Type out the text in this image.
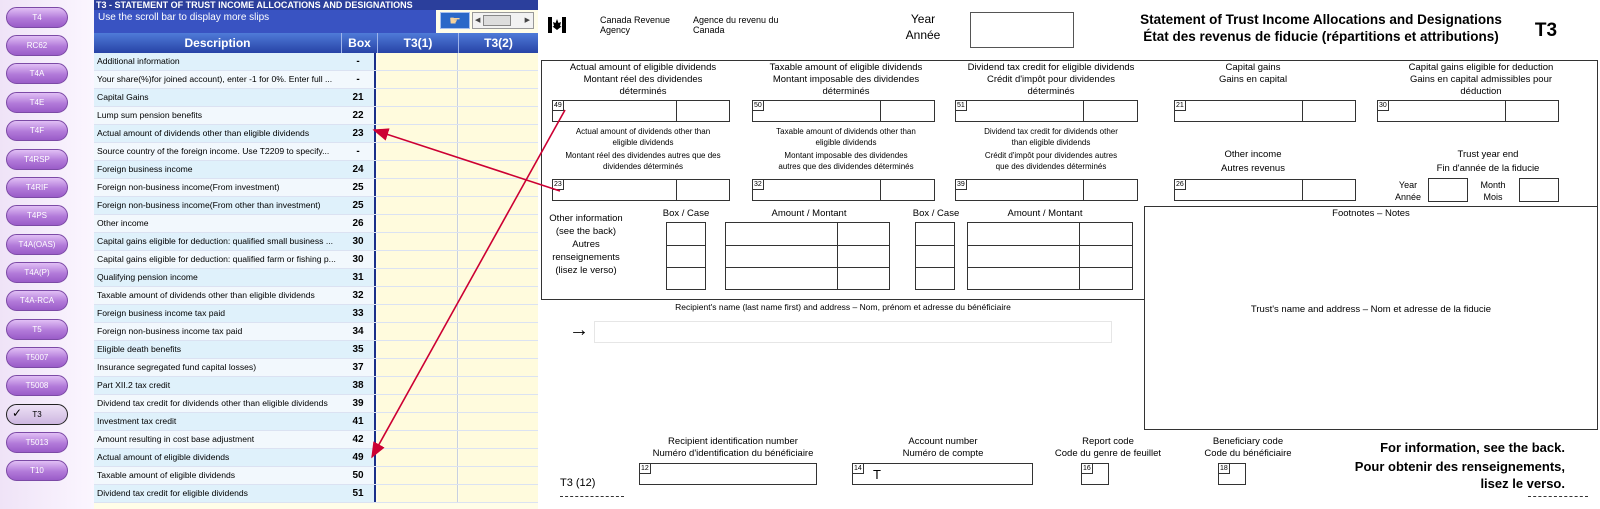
T4
RC62
T4A
T4E
T4F
T4RSP
T4RIF
T4PS
T4A(OAS)
T4A(P)
T4A-RCA
T5
T5007
T5008
✓ T3
T5013
T10
T3 - STATEMENT OF TRUST INCOME ALLOCATIONS AND DESIGNATIONS
Use the scroll bar to display more slips	☛	◀	▶
Description	Box	T3(1)	T3(2)
Additional information	-
Your share(%)for joined account), enter -1 for 0%. Enter full ...	-
Capital Gains	21
Lump sum pension benefits	22
Actual amount of dividends other than eligible dividends	23
Source country of the foreign income. Use T2209 to specify...	-
Foreign business income	24
Foreign non-business income(From investment)	25
Foreign non-business income(From other than investment)	25
Other income	26
Capital gains eligible for deduction: qualified small business ...	30
Capital gains eligible for deduction: qualified farm or fishing p...	30
Qualifying pension income	31
Taxable amount of dividends other than eligible dividends	32
Foreign business income tax paid	33
Foreign non-business income tax paid	34
Eligible death benefits	35
Insurance segregated fund capital losses)	37
Part XII.2 tax credit	38
Dividend tax credit for dividends other than eligible dividends	39
Investment tax credit	41
Amount resulting in cost base adjustment	42
Actual amount of eligible dividends	49
Taxable amount of eligible dividends	50
Dividend tax credit for eligible dividends	51
Canada Revenue Agency
Agence du revenu du Canada
Year
Année
Statement of Trust Income Allocations and Designations
État des revenus de fiducie (répartitions et attributions)	T3
Actual amount of eligible dividends
Montant réel des dividendes
déterminés
49
Taxable amount of eligible dividends
Montant imposable des dividendes
déterminés
50
Dividend tax credit for eligible dividends
Crédit d'impôt pour dividendes
déterminés
51
Capital gains
Gains en capital
21
Capital gains eligible for deduction
Gains en capital admissibles pour
déduction
30
Actual amount of dividends other than
eligible dividends
Montant réel des dividendes autres que des
dividendes déterminés
23
Taxable amount of dividends other than
eligible dividends
Montant imposable des dividendes
autres que des dividendes déterminés
32
Dividend tax credit for dividends other
than eligible dividends
Crédit d'impôt pour dividendes autres
que des dividendes déterminés
39
Other income
Autres revenus
26
Trust year end
Fin d'année de la fiducie
Year
Année
Month
Mois
Other information
(see the back)
Autres
renseignements
(lisez le verso)
Box / Case	Amount / Montant	Box / Case	Amount / Montant	Footnotes – Notes
Recipient's name (last name first) and address – Nom, prénom et adresse du bénéficiaire
→
Trust's name and address – Nom et adresse de la fiducie
Recipient identification number
Numéro d'identification du bénéficiaire
12
Account number
Numéro de compte
14 T
Report code
Code du genre de feuillet
16
Beneficiary code
Code du bénéficiaire
18
For information, see the back.
Pour obtenir des renseignements,
lisez le verso.
T3 (12)
